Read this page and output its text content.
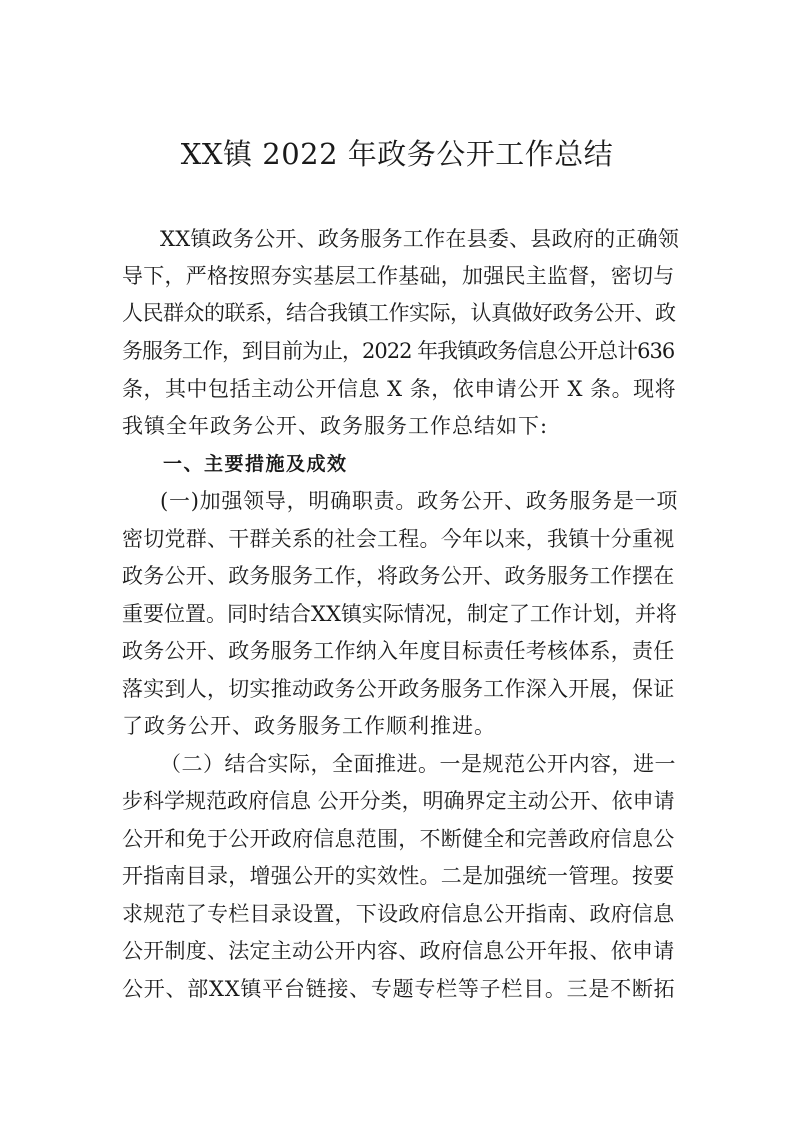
XX镇 2022 年政务公开工作总结
XX镇政务公开、政务服务工作在县委、县政府的正确领
导下，严格按照夯实基层工作基础，加强民主监督，密切与
人民群众的联系，结合我镇工作实际，认真做好政务公开、政
务服务工作，到目前为止，2022 年我镇政务信息公开总计636
条，其中包括主动公开信息 X 条，依申请公开 X 条。现将
我镇全年政务公开、政务服务工作总结如下:
一、主要措施及成效
(一)加强领导，明确职责。政务公开、政务服务是一项
密切党群、干群关系的社会工程。今年以来，我镇十分重视
政务公开、政务服务工作，将政务公开、政务服务工作摆在
重要位置。同时结合XX镇实际情况，制定了工作计划，并将
政务公开、政务服务工作纳入年度目标责任考核体系，责任
落实到人，切实推动政务公开政务服务工作深入开展，保证
了政务公开、政务服务工作顺利推进。
（二）结合实际，全面推进。一是规范公开内容，进一
步科学规范政府信息 公开分类，明确界定主动公开、依申请
公开和免于公开政府信息范围，不断健全和完善政府信息公
开指南目录，增强公开的实效性。二是加强统一管理。按要
求规范了专栏目录设置，下设政府信息公开指南、政府信息
公开制度、法定主动公开内容、政府信息公开年报、依申请
公开、部XX镇平台链接、专题专栏等子栏目。三是不断拓
